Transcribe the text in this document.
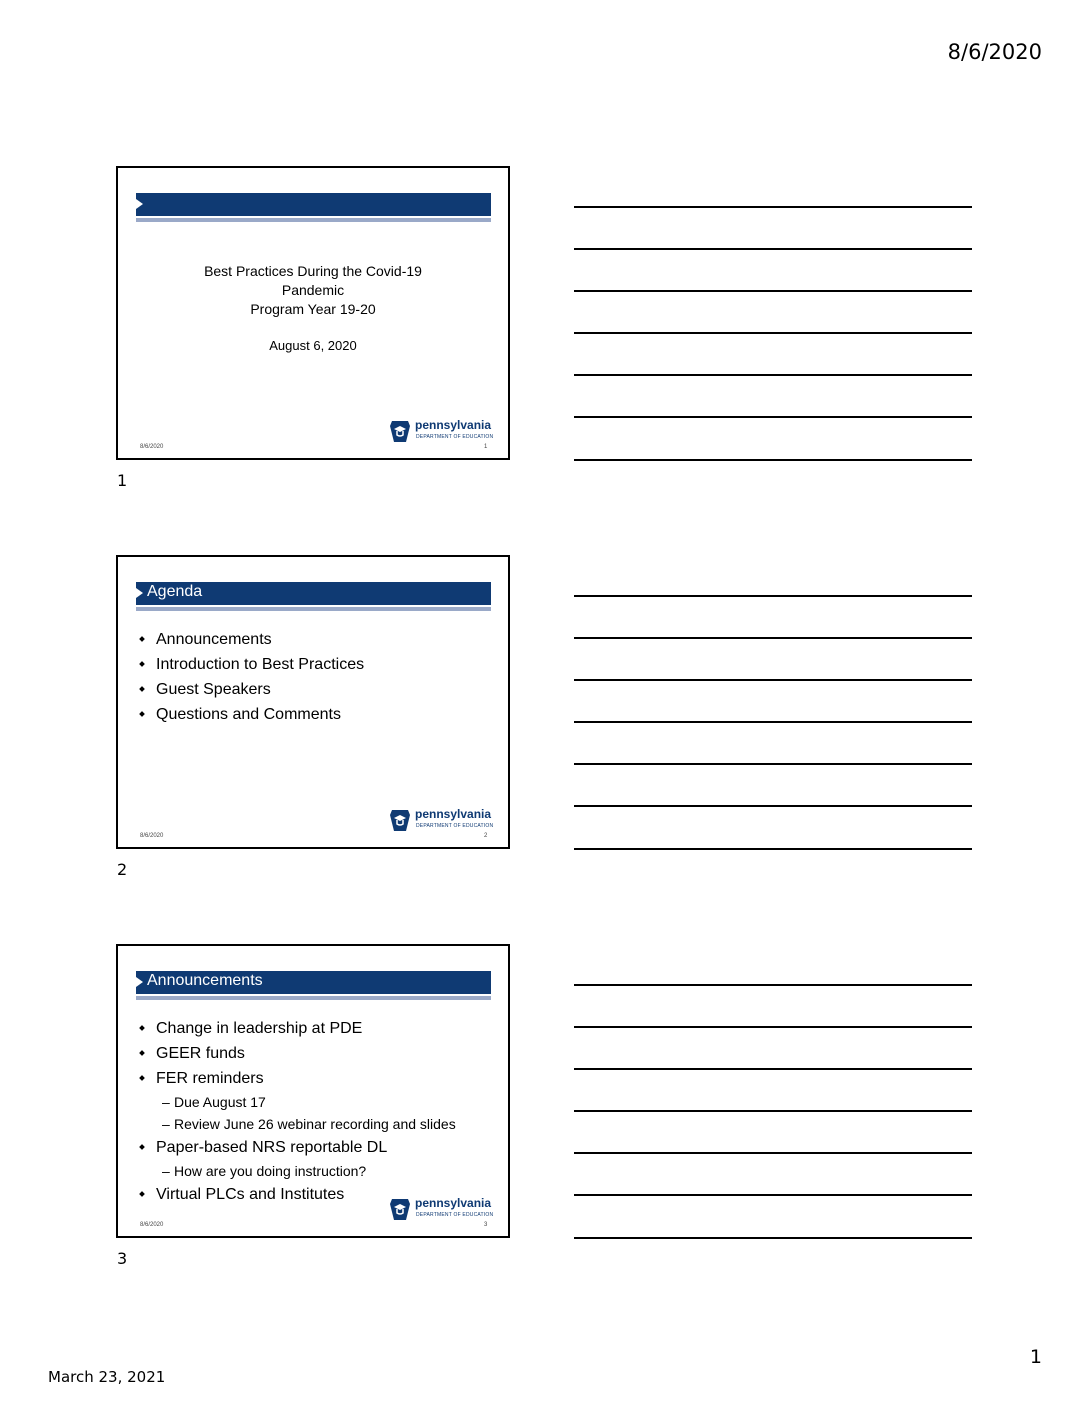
8/6/2020
Best Practices During the Covid-19
Pandemic
Program Year 19-20
August 6, 2020
pennsylvania
DEPARTMENT OF EDUCATION
8/6/2020	1
1
Agenda
Announcements
Introduction to Best Practices
Guest Speakers
Questions and Comments
pennsylvania
DEPARTMENT OF EDUCATION
8/6/2020	2
2
Announcements
Change in leadership at PDE
GEER funds
FER reminders
– Due August 17
– Review June 26 webinar recording and slides
Paper-based NRS reportable DL
– How are you doing instruction?
Virtual PLCs and Institutes	pennsylvania
DEPARTMENT OF EDUCATION
8/6/2020	3
3
1
March 23, 2021
